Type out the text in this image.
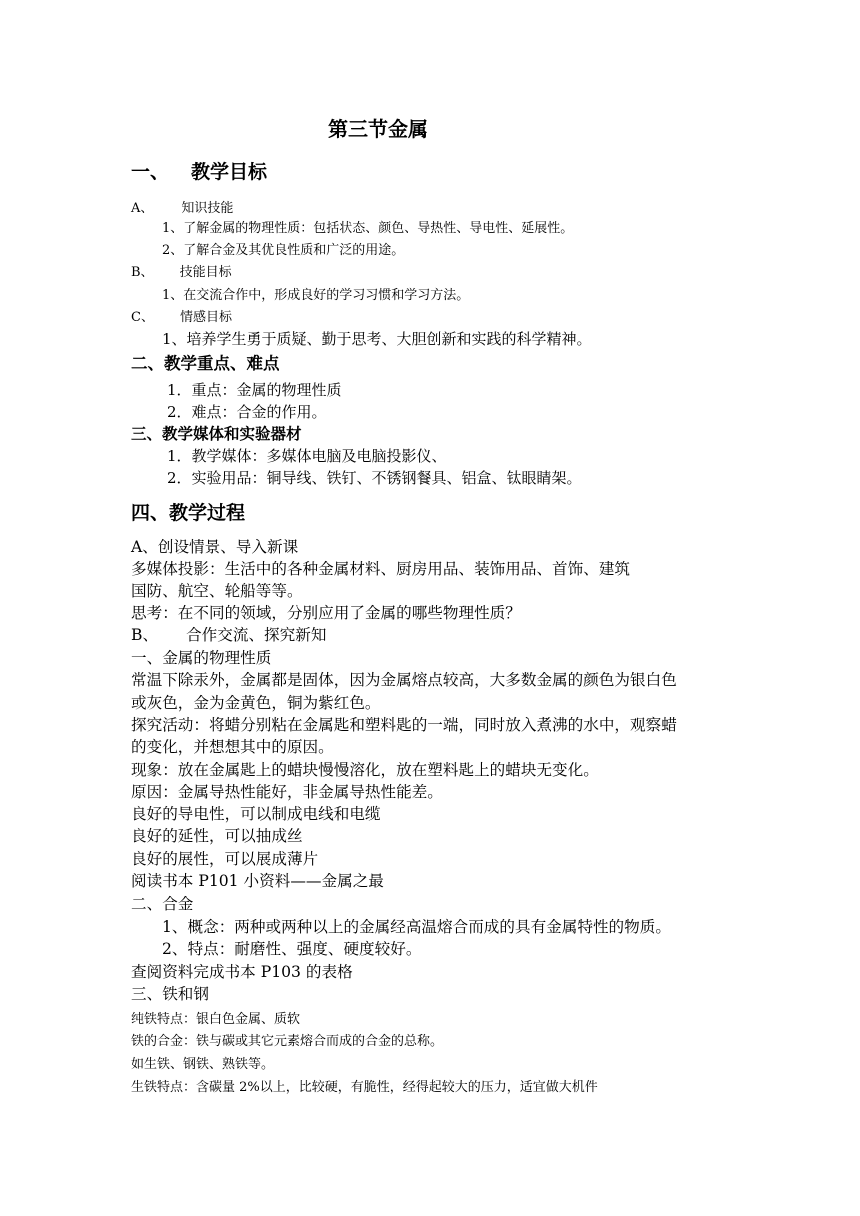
第三节金属
一、 教学目标
A、 知识技能
1、了解金属的物理性质：包括状态、颜色、导热性、导电性、延展性。
2、了解合金及其优良性质和广泛的用途。
B、 技能目标
1、在交流合作中，形成良好的学习习惯和学习方法。
C、 情感目标
1、培养学生勇于质疑、勤于思考、大胆创新和实践的科学精神。
二、教学重点、难点
1．重点：金属的物理性质
2．难点：合金的作用。
三、教学媒体和实验器材
1．教学媒体：多媒体电脑及电脑投影仪、
2．实验用品：铜导线、铁钉、不锈钢餐具、铝盒、钛眼睛架。
四、教学过程
A、创设情景、导入新课
多媒体投影：生活中的各种金属材料、厨房用品、装饰用品、首饰、建筑
国防、航空、轮船等等。
思考：在不同的领域，分别应用了金属的哪些物理性质？
B、 合作交流、探究新知
一、金属的物理性质
常温下除汞外，金属都是固体，因为金属熔点较高，大多数金属的颜色为银白色
或灰色，金为金黄色，铜为紫红色。
探究活动：将蜡分别粘在金属匙和塑料匙的一端，同时放入煮沸的水中，观察蜡
的变化，并想想其中的原因。
现象：放在金属匙上的蜡块慢慢溶化，放在塑料匙上的蜡块无变化。
原因：金属导热性能好，非金属导热性能差。
良好的导电性，可以制成电线和电缆
良好的延性，可以抽成丝
良好的展性，可以展成薄片
阅读书本 P101 小资料——金属之最
二、合金
1、概念：两种或两种以上的金属经高温熔合而成的具有金属特性的物质。
2、特点：耐磨性、强度、硬度较好。
查阅资料完成书本 P103 的表格
三、铁和钢
纯铁特点：银白色金属、质软
铁的合金：铁与碳或其它元素熔合而成的合金的总称。
如生铁、钢铁、熟铁等。
生铁特点：含碳量 2%以上，比较硬，有脆性，经得起较大的压力，适宜做大机件
